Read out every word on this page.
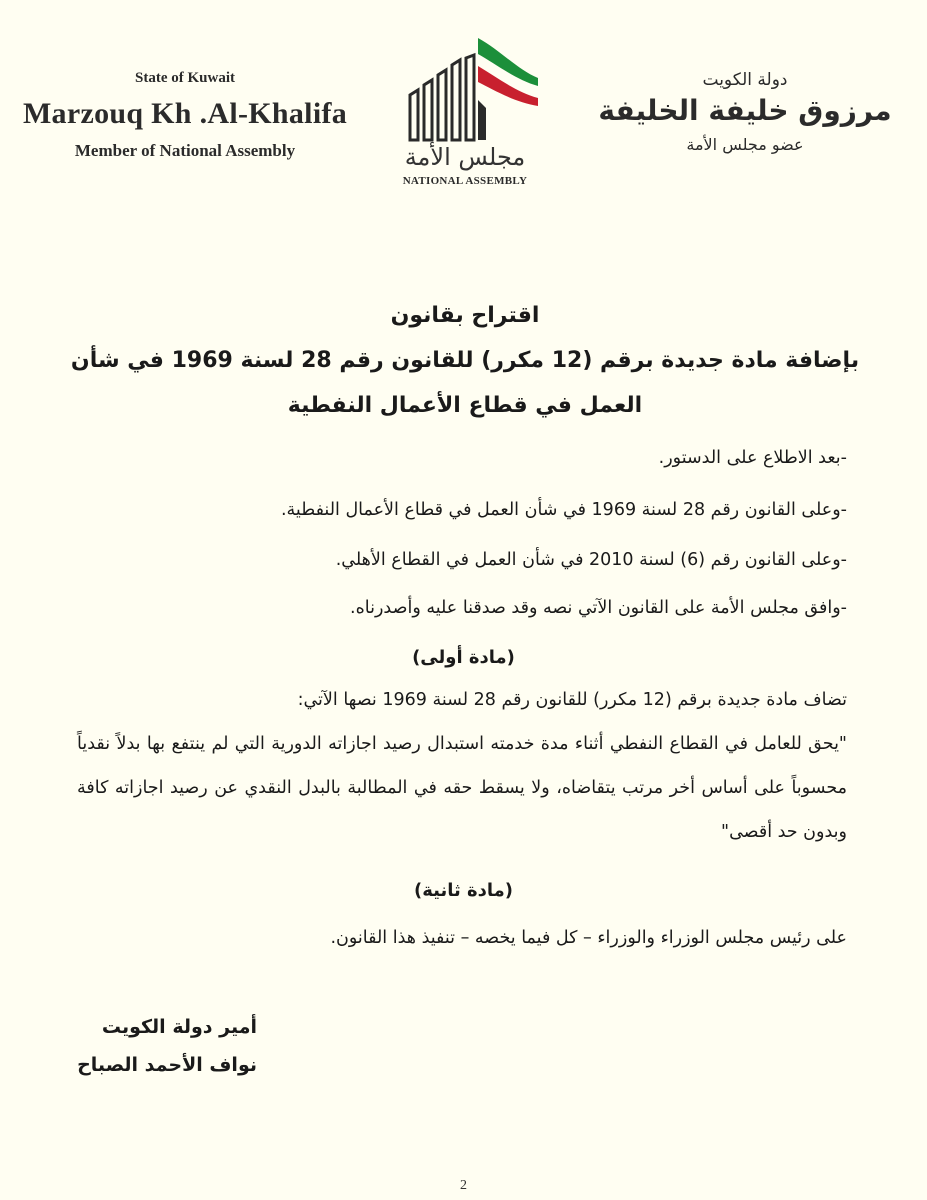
State of Kuwait
Marzouq Kh .Al-Khalifa
Member of National Assembly	مجلس الأمة
NATIONAL ASSEMBLY
دولة الكويت
مرزوق خليفة الخليفة
عضو مجلس الأمة
اقتراح بقانون
بإضافة مادة جديدة برقم (12 مكرر) للقانون رقم 28 لسنة 1969 في شأن
العمل في قطاع الأعمال النفطية
-بعد الاطلاع على الدستور.
-وعلى القانون رقم 28 لسنة 1969 في شأن العمل في قطاع الأعمال النفطية.
-وعلى القانون رقم (6) لسنة 2010 في شأن العمل في القطاع الأهلي.
-وافق مجلس الأمة على القانون الآتي نصه وقد صدقنا عليه وأصدرناه.
(مادة أولى)
تضاف مادة جديدة برقم (12 مكرر) للقانون رقم 28 لسنة 1969 نصها الآتي:
"يحق للعامل في القطاع النفطي أثناء مدة خدمته استبدال رصيد اجازاته الدورية التي لم ينتفع بها بدلاً نقدياً محسوباً على أساس أخر مرتب يتقاضاه، ولا يسقط حقه في المطالبة بالبدل النقدي عن رصيد اجازاته كافة وبدون حد أقصى"
(مادة ثانية)
على رئيس مجلس الوزراء والوزراء – كل فيما يخصه – تنفيذ هذا القانون.
أمير دولة الكويت
نواف الأحمد الصباح
2
